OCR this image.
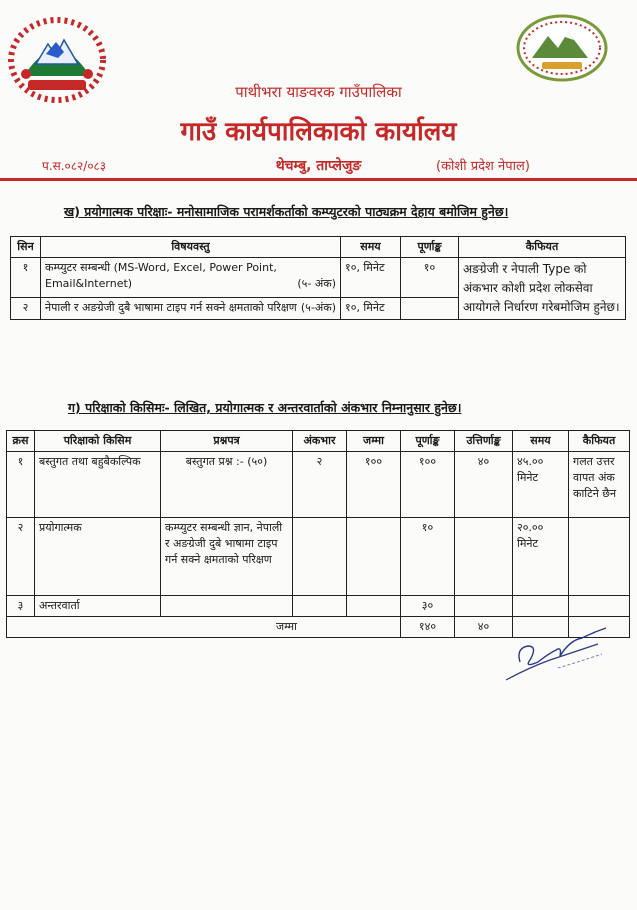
पाथीभरा याङवरक गाउँपालिका
गाउँ कार्यपालिकाको कार्यालय
प.स.०८२/०८३	थेचम्बु, ताप्लेजुङ	(कोशी प्रदेश नेपाल)
ख) प्रयोगात्मक परिक्षाः- मनोसामाजिक परामर्शकर्ताको कम्प्युटरको पाठ्यक्रम देहाय बमोजिम हुनेछ।
सिन	विषयवस्तु	समय	पूर्णाङ्क	कैफियत
१	कम्प्युटर सम्बन्धी (MS-Word, Excel, Power Point, Email&Internet) (५- अंक)	१०, मिनेट	१०	अङग्रेजी र नेपाली Type को अंकभार कोशी प्रदेश लोकसेवा आयोगले निर्धारण गरेबमोजिम हुनेछ।
२	नेपाली र अङग्रेजी दुबै भाषामा टाइप गर्न सक्ने क्षमताको परिक्षण (५-अंक)	१०, मिनेट		
ग) परिक्षाको किसिमः- लिखित, प्रयोगात्मक र अन्तरवार्ताको अंकभार निम्नानुसार हुनेछ।
क्रस	परिक्षाको किसिम	प्रश्नपत्र	अंकभार	जम्मा	पूर्णाङ्क	उत्तिर्णाङ्क	समय	कैफियत
१	बस्तुगत तथा बहुबैकल्पिक	बस्तुगत प्रश्न :- (५०)	२	१००	१००	४०	४५.०० मिनेट	गलत उत्तर वापत अंक काटिने छैन
२	प्रयोगात्मक	कम्प्युटर सम्बन्धी ज्ञान, नेपाली र अङग्रेजी दुबे भाषामा टाइप गर्न सक्ने क्षमताको परिक्षण			१०		२०.०० मिनेट	
३	अन्तरवार्ता				३०			
जम्मा					१४०	४०		
